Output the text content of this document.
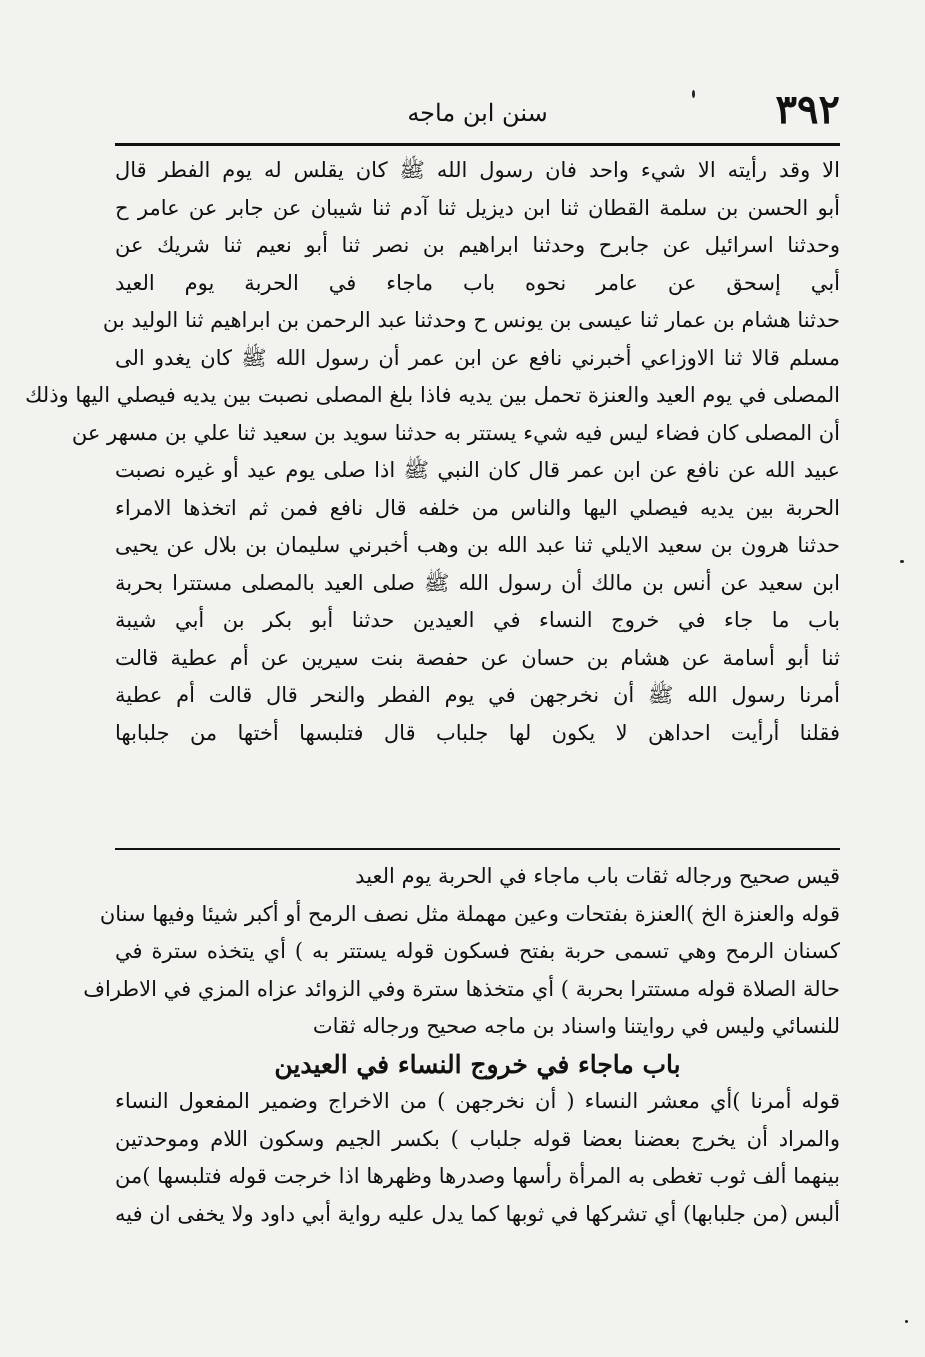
٣٩٢
سنن ابن ماجه
الا وقد رأيته الا شيء واحد فان رسول الله ﷺ كان يقلس له يوم الفطر قال
أبو الحسن بن سلمة القطان ثنا ابن ديزيل ثنا آدم ثنا شيبان عن جابر عن عامر ح
وحدثنا اسرائيل عن جابرح وحدثنا ابراهيم بن نصر ثنا أبو نعيم ثنا شريك عن
أبي إسحق عن عامر نحوه باب ماجاء في الحربة يوم العيد
حدثنا هشام بن عمار ثنا عيسى بن يونس ح وحدثنا عبد الرحمن بن ابراهيم ثنا الوليد بن
مسلم قالا ثنا الاوزاعي أخبرني نافع عن ابن عمر أن رسول الله ﷺ كان يغدو الى
المصلى في يوم العيد والعنزة تحمل بين يديه فاذا بلغ المصلى نصبت بين يديه فيصلي اليها وذلك
أن المصلى كان فضاء ليس فيه شيء يستتر به حدثنا سويد بن سعيد ثنا علي بن مسهر عن
عبيد الله عن نافع عن ابن عمر قال كان النبي ﷺ اذا صلى يوم عيد أو غيره نصبت
الحربة بين يديه فيصلي اليها والناس من خلفه قال نافع فمن ثم اتخذها الامراء
حدثنا هرون بن سعيد الايلي ثنا عبد الله بن وهب أخبرني سليمان بن بلال عن يحيى
ابن سعيد عن أنس بن مالك أن رسول الله ﷺ صلى العيد بالمصلى مستترا بحربة
باب ما جاء في خروج النساء في العيدين حدثنا أبو بكر بن أبي شيبة
ثنا أبو أسامة عن هشام بن حسان عن حفصة بنت سيرين عن أم عطية قالت
أمرنا رسول الله ﷺ أن نخرجهن في يوم الفطر والنحر قال قالت أم عطية
فقلنا أرأيت احداهن لا يكون لها جلباب قال فتلبسها أختها من جلبابها
قيس صحيح ورجاله ثقات باب ماجاء في الحربة يوم العيد
قوله والعنزة الخ )العنزة بفتحات وعين مهملة مثل نصف الرمح أو أكبر شيئا وفيها سنان
كسنان الرمح وهي تسمى حربة بفتح فسكون قوله يستتر به ) أي يتخذه سترة في
حالة الصلاة قوله مستترا بحربة ) أي متخذها سترة وفي الزوائد عزاه المزي في الاطراف
للنسائي وليس في روايتنا واسناد بن ماجه صحيح ورجاله ثقات
باب ماجاء في خروج النساء في العيدين
قوله أمرنا )أي معشر النساء ( أن نخرجهن ) من الاخراج وضمير المفعول النساء
والمراد أن يخرج بعضنا بعضا قوله جلباب ) بكسر الجيم وسكون اللام وموحدتين
بينهما ألف ثوب تغطى به المرأة رأسها وصدرها وظهرها اذا خرجت قوله فتلبسها )من
ألبس (من جلبابها) أي تشركها في ثوبها كما يدل عليه رواية أبي داود ولا يخفى ان فيه
